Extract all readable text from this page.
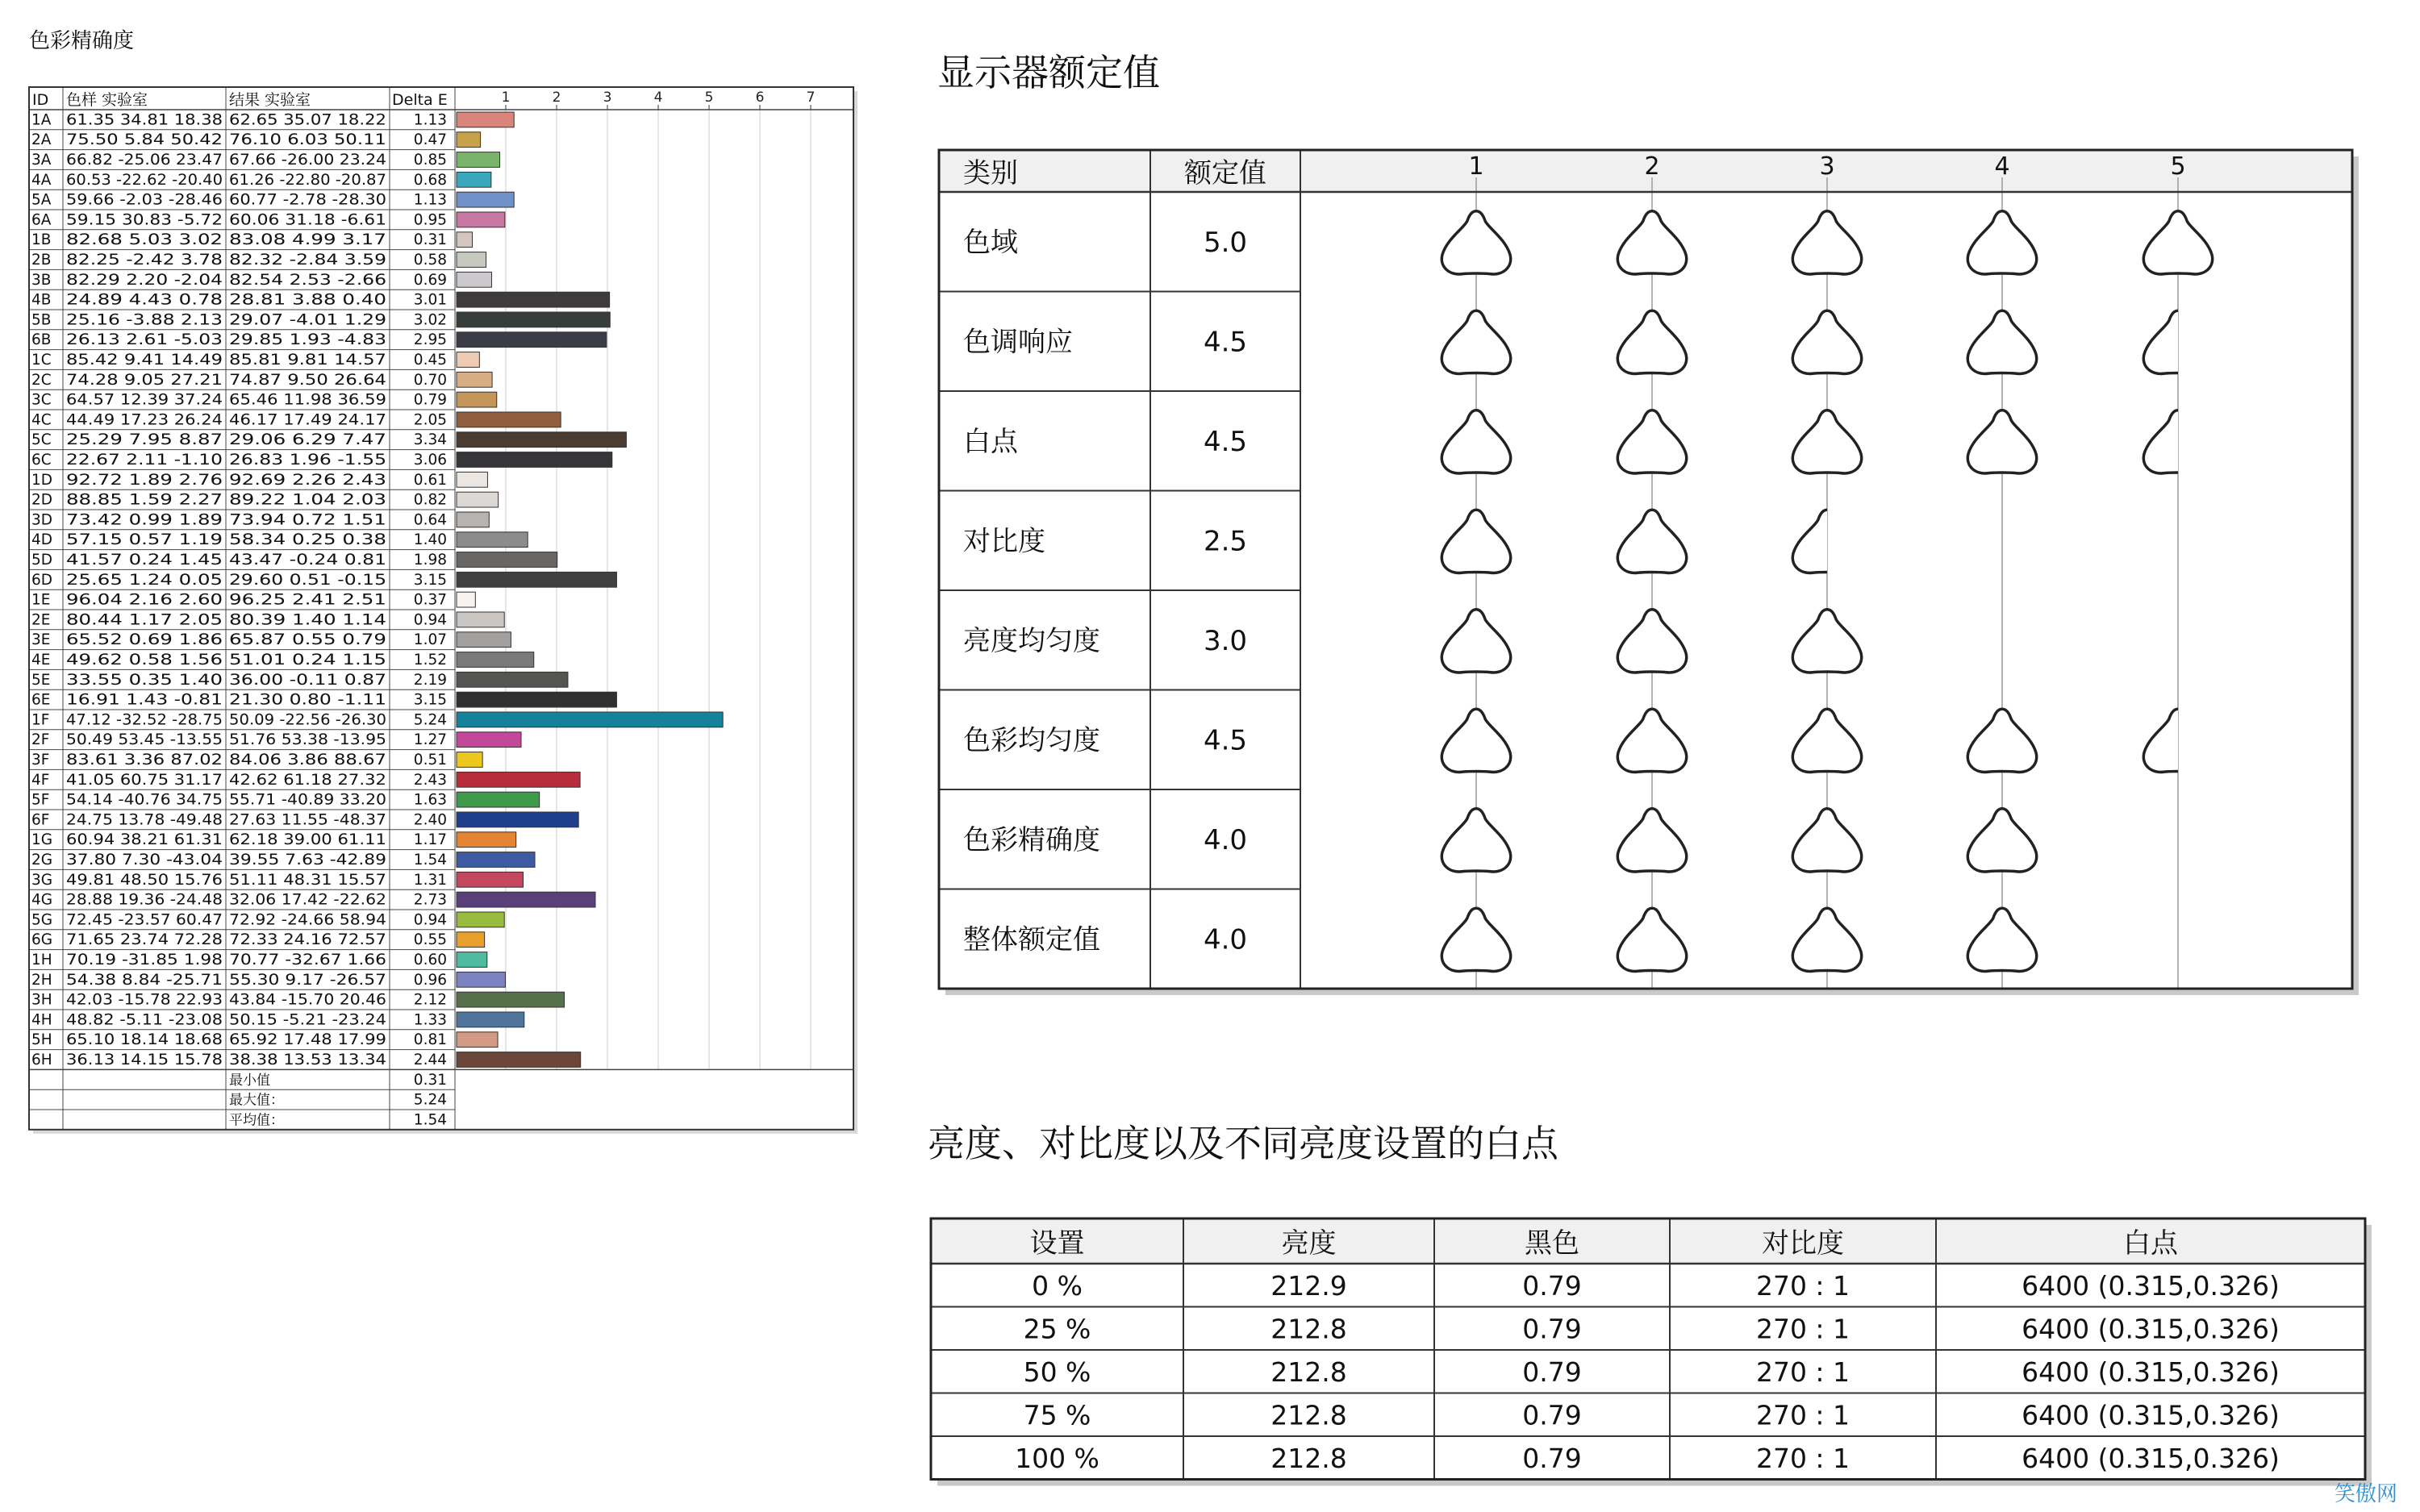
色彩精确度
1	2	3	4	5	6	7
ID 色样 实验室	结果 实验室	Delta E
1A 61.35 34.81 18.38 62.65 35.07 18.22 1.13
2A 75.50 5.84 50.42 76.10 6.03 50.11 0.47
3A 66.82 -25.06 23.47 67.66 -26.00 23.24 0.85
4A 60.53 -22.62 -20.40 61.26 -22.80 -20.87 0.68
5A 59.66 -2.03 -28.46 60.77 -2.78 -28.30 1.13
6A 59.15 30.83 -5.72 60.06 31.18 -6.61 0.95
1B 82.68 5.03 3.02 83.08 4.99 3.17 0.31
2B 82.25 -2.42 3.78 82.32 -2.84 3.59 0.58
3B 82.29 2.20 -2.04 82.54 2.53 -2.66 0.69
4B 24.89 4.43 0.78 28.81 3.88 0.40 3.01
5B 25.16 -3.88 2.13 29.07 -4.01 1.29 3.02
6B 26.13 2.61 -5.03 29.85 1.93 -4.83 2.95
1C 85.42 9.41 14.49 85.81 9.81 14.57 0.45
2C 74.28 9.05 27.21 74.87 9.50 26.64 0.70
3C 64.57 12.39 37.24 65.46 11.98 36.59 0.79
4C 44.49 17.23 26.24 46.17 17.49 24.17 2.05
5C 25.29 7.95 8.87 29.06 6.29 7.47 3.34
6C 22.67 2.11 -1.10 26.83 1.96 -1.55 3.06
1D 92.72 1.89 2.76 92.69 2.26 2.43 0.61
2D 88.85 1.59 2.27 89.22 1.04 2.03 0.82
3D 73.42 0.99 1.89 73.94 0.72 1.51 0.64
4D 57.15 0.57 1.19 58.34 0.25 0.38 1.40
5D 41.57 0.24 1.45 43.47 -0.24 0.81 1.98
6D 25.65 1.24 0.05 29.60 0.51 -0.15 3.15
1E 96.04 2.16 2.60 96.25 2.41 2.51 0.37
2E 80.44 1.17 2.05 80.39 1.40 1.14 0.94
3E 65.52 0.69 1.86 65.87 0.55 0.79 1.07
4E 49.62 0.58 1.56 51.01 0.24 1.15 1.52
5E 33.55 0.35 1.40 36.00 -0.11 0.87 2.19
6E 16.91 1.43 -0.81 21.30 0.80 -1.11 3.15
1F 47.12 -32.52 -28.75 50.09 -22.56 -26.30 5.24
2F 50.49 53.45 -13.55 51.76 53.38 -13.95 1.27
3F 83.61 3.36 87.02 84.06 3.86 88.67 0.51
4F 41.05 60.75 31.17 42.62 61.18 27.32 2.43
5F 54.14 -40.76 34.75 55.71 -40.89 33.20 1.63
6F 24.75 13.78 -49.48 27.63 11.55 -48.37 2.40
1G 60.94 38.21 61.31 62.18 39.00 61.11 1.17
2G 37.80 7.30 -43.04 39.55 7.63 -42.89 1.54
3G 49.81 48.50 15.76 51.11 48.31 15.57 1.31
4G 28.88 19.36 -24.48 32.06 17.42 -22.62 2.73
5G 72.45 -23.57 60.47 72.92 -24.66 58.94 0.94
6G 71.65 23.74 72.28 72.33 24.16 72.57 0.55
1H 70.19 -31.85 1.98 70.77 -32.67 1.66 0.60
2H 54.38 8.84 -25.71 55.30 9.17 -26.57 0.96
3H 42.03 -15.78 22.93 43.84 -15.70 20.46 2.12
4H 48.82 -5.11 -23.08 50.15 -5.21 -23.24 1.33
5H 65.10 18.14 18.68 65.92 17.48 17.99 0.81
6H 36.13 14.15 15.78 38.38 13.53 13.34 2.44
最小值	0.31
最大值：	5.24
平均值：	1.54
显示器额定值
1	2	3	4	5
类别	额定值
色域	5.0
色调响应	4.5
白点	4.5
对比度	2.5
亮度均匀度	3.0
色彩均匀度	4.5
色彩精确度	4.0
整体额定值	4.0
亮度、对比度以及不同亮度设置的白点
设置	亮度	黑色	对比度	白点
0 %	212.9	0.79	270 : 1	6400 (0.315,0.326)
25 %	212.8	0.79	270 : 1	6400 (0.315,0.326)
50 %	212.8	0.79	270 : 1	6400 (0.315,0.326)
75 %	212.8	0.79	270 : 1	6400 (0.315,0.326)
100 %	212.8	0.79	270 : 1	6400 (0.315,0.326)
笑傲网
